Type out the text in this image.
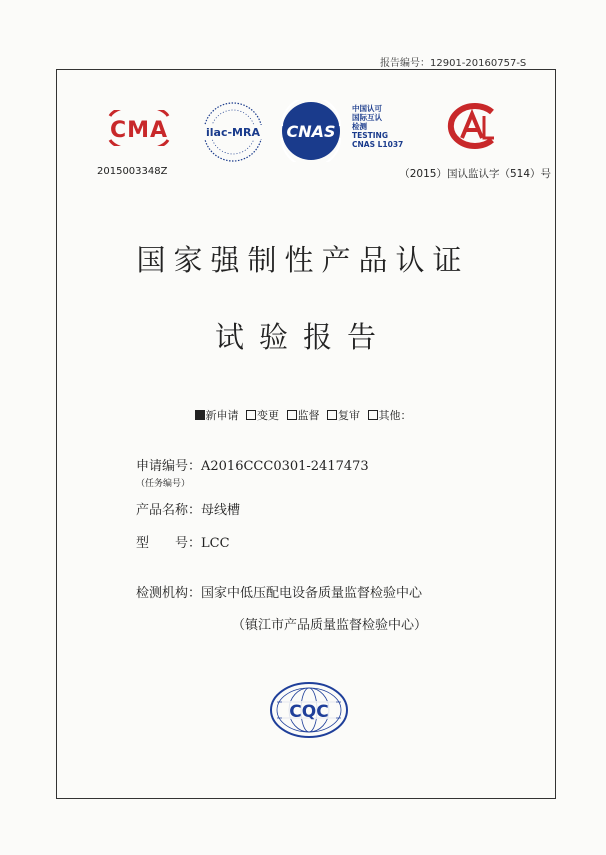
报告编号：12901-20160757-S
CMA	ilac-MRA CNAS
中国认可
国际互认
检测
TESTING
CNAS L1037
2015003348Z	（2015）国认监认字（514）号
国家强制性产品认证
试验报告
新申请 变更 监督 复审 其他：
申请编号：A2016CCC0301-2417473
（任务编号）
产品名称：母线槽
型　　号：LCC
检测机构：国家中低压配电设备质量监督检验中心
（镇江市产品质量监督检验中心）
CQC
